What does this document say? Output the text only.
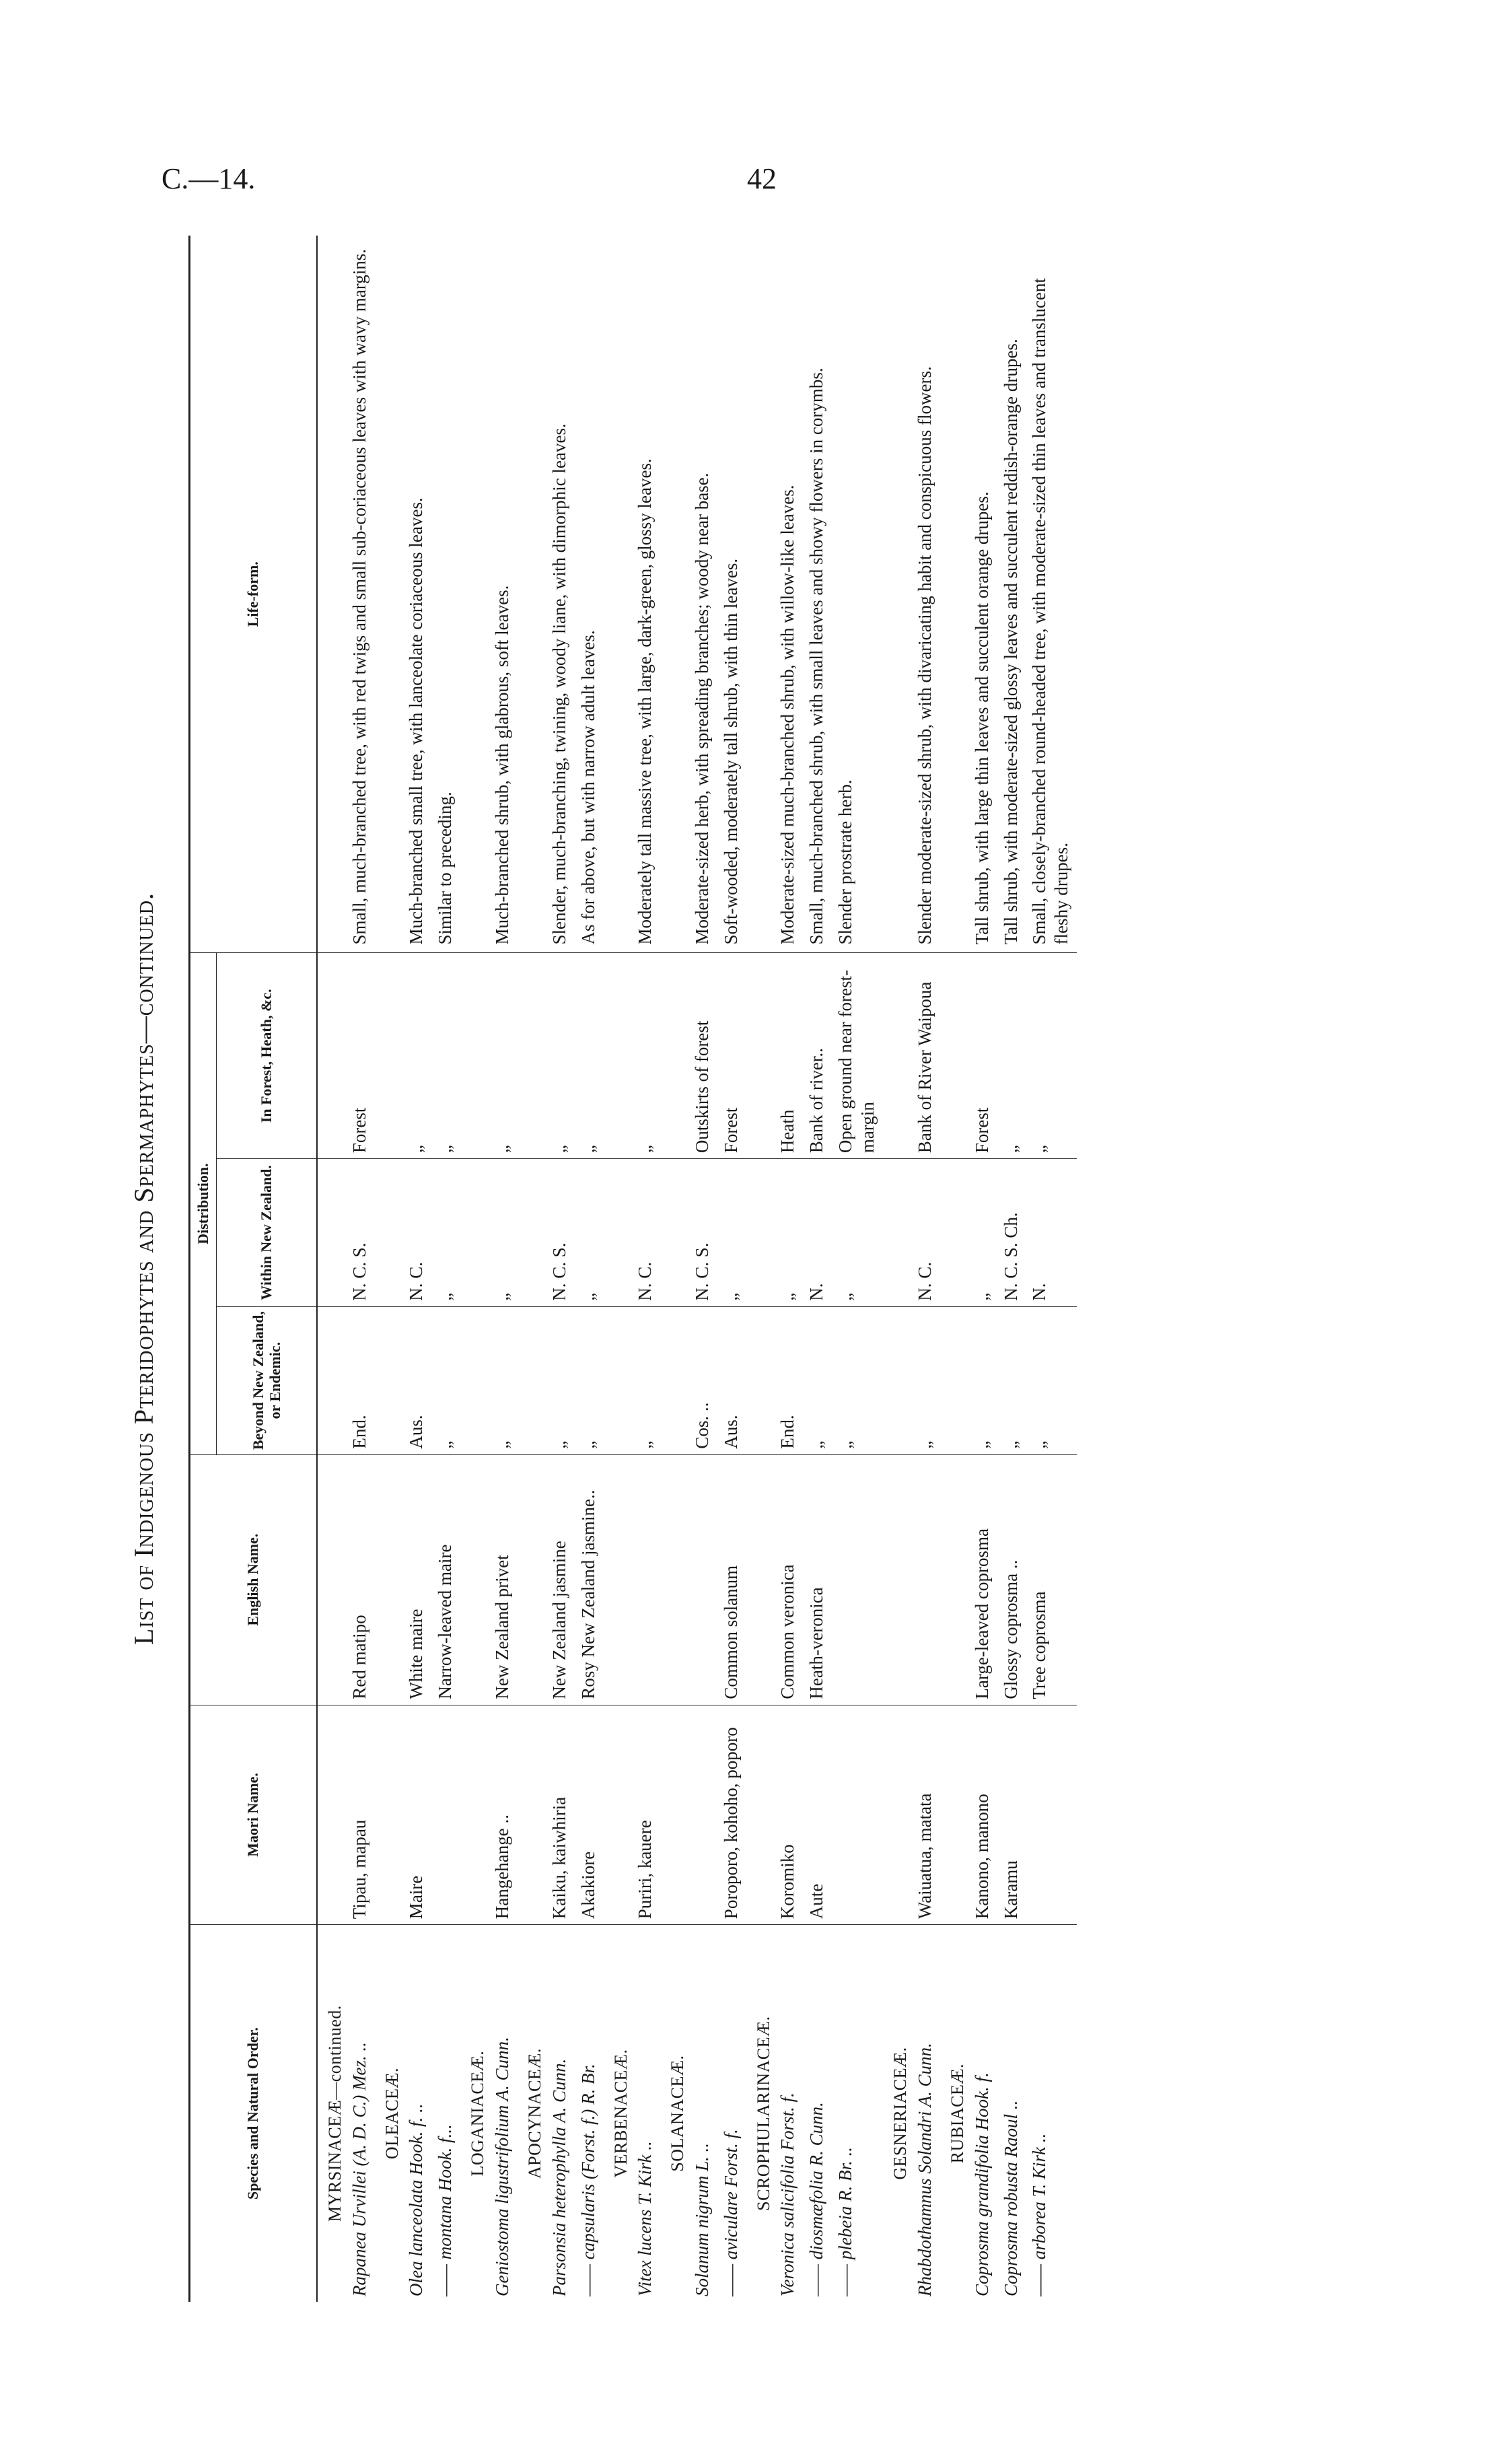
C.—14.	42
List of Indigenous Pteridophytes and Spermaphytes—continued.
Species and Natural Order.	Maori Name.	English Name.	Distribution.			Life-form.
			Beyond New Zealand, or Endemic.	Within New Zealand.	In Forest, Heath, &c.	
MYRSINACEÆ—continued.						
Rapanea Urvillei (A. D. C.) Mez. ..	Tipau, mapau	Red matipo	End.	N. C. S.	Forest	Small, much-branched tree, with red twigs and small sub-coriaceous leaves with wavy margins.
OLEACEÆ.						
Olea lanceolata Hook. f. ..	Maire	White maire	Aus.	N. C.	„	Much-branched small tree, with lanceolate coriaceous leaves.
—— montana Hook. f...		Narrow-leaved maire	„	„	„	Similar to preceding.
LOGANIACEÆ.						
Geniostoma ligustrifolium A. Cunn.	Hangehange ..	New Zealand privet	„	„	„	Much-branched shrub, with glabrous, soft leaves.
APOCYNACEÆ.						
Parsonsia heterophylla A. Cunn.	Kaiku, kaiwhiria	New Zealand jasmine	„	N. C. S.	„	Slender, much-branching, twining, woody liane, with dimorphic leaves.
—— capsularis (Forst. f.) R. Br.	Akakiore	Rosy New Zealand jasmine..	„	„	„	As for above, but with narrow adult leaves.
VERBENACEÆ.						
Vitex lucens T. Kirk ..	Puriri, kauere		„	N. C.	„	Moderately tall massive tree, with large, dark-green, glossy leaves.
SOLANACEÆ.						
Solanum nigrum L. ..			Cos. ..	N. C. S.	Outskirts of forest	Moderate-sized herb, with spreading branches; woody near base.
—— aviculare Forst. f.	Poroporo, kohoho, poporo	Common solanum	Aus.	„	Forest	Soft-wooded, moderately tall shrub, with thin leaves.
SCROPHULARINACEÆ.						
Veronica salicifolia Forst. f.	Koromiko	Common veronica	End.	„	Heath	Moderate-sized much-branched shrub, with willow-like leaves.
—— diosmæfolia R. Cunn.	Aute	Heath-veronica	„	N.	Bank of river..	Small, much-branched shrub, with small leaves and showy flowers in corymbs.
—— plebeia R. Br. ..			„	„	Open ground near forest-margin	Slender prostrate herb.
GESNERIACEÆ.						
Rhabdothamnus Solandri A. Cunn.	Waiuatua, matata		„	N. C.	Bank of River Waipoua	Slender moderate-sized shrub, with divaricating habit and conspicuous flowers.
RUBIACEÆ.						
Coprosma grandifolia Hook. f.	Kanono, manono	Large-leaved coprosma	„	„	Forest	Tall shrub, with large thin leaves and succulent orange drupes.
Coprosma robusta Raoul ..	Karamu	Glossy coprosma ..	„	N. C. S. Ch.	„	Tall shrub, with moderate-sized glossy leaves and succulent reddish-orange drupes.
—— arborea T. Kirk ..		Tree coprosma	„	N.	„	Small, closely-branched round-headed tree, with moderate-sized thin leaves and translucent fleshy drupes.
